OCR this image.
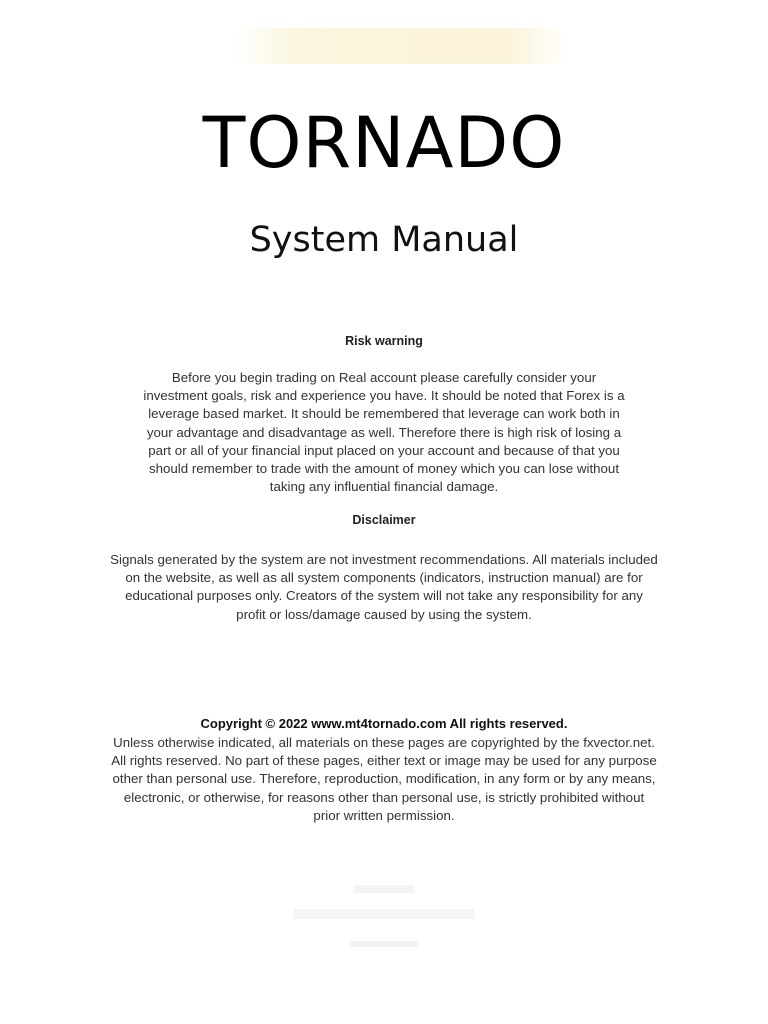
TORNADO
System Manual
Risk warning
Before you begin trading on Real account please carefully consider your
investment goals, risk and experience you have. It should be noted that Forex is a
leverage based market. It should be remembered that leverage can work both in
your advantage and disadvantage as well. Therefore there is high risk of losing a
part or all of your financial input placed on your account and because of that you
should remember to trade with the amount of money which you can lose without
taking any influential financial damage.
Disclaimer
Signals generated by the system are not investment recommendations. All materials included
on the website, as well as all system components (indicators, instruction manual) are for
educational purposes only. Creators of the system will not take any responsibility for any
profit or loss/damage caused by using the system.
Copyright © 2022 www.mt4tornado.com All rights reserved.
Unless otherwise indicated, all materials on these pages are copyrighted by the fxvector.net.
All rights reserved. No part of these pages, either text or image may be used for any purpose
other than personal use. Therefore, reproduction, modification, in any form or by any means,
electronic, or otherwise, for reasons other than personal use, is strictly prohibited without
prior written permission.
